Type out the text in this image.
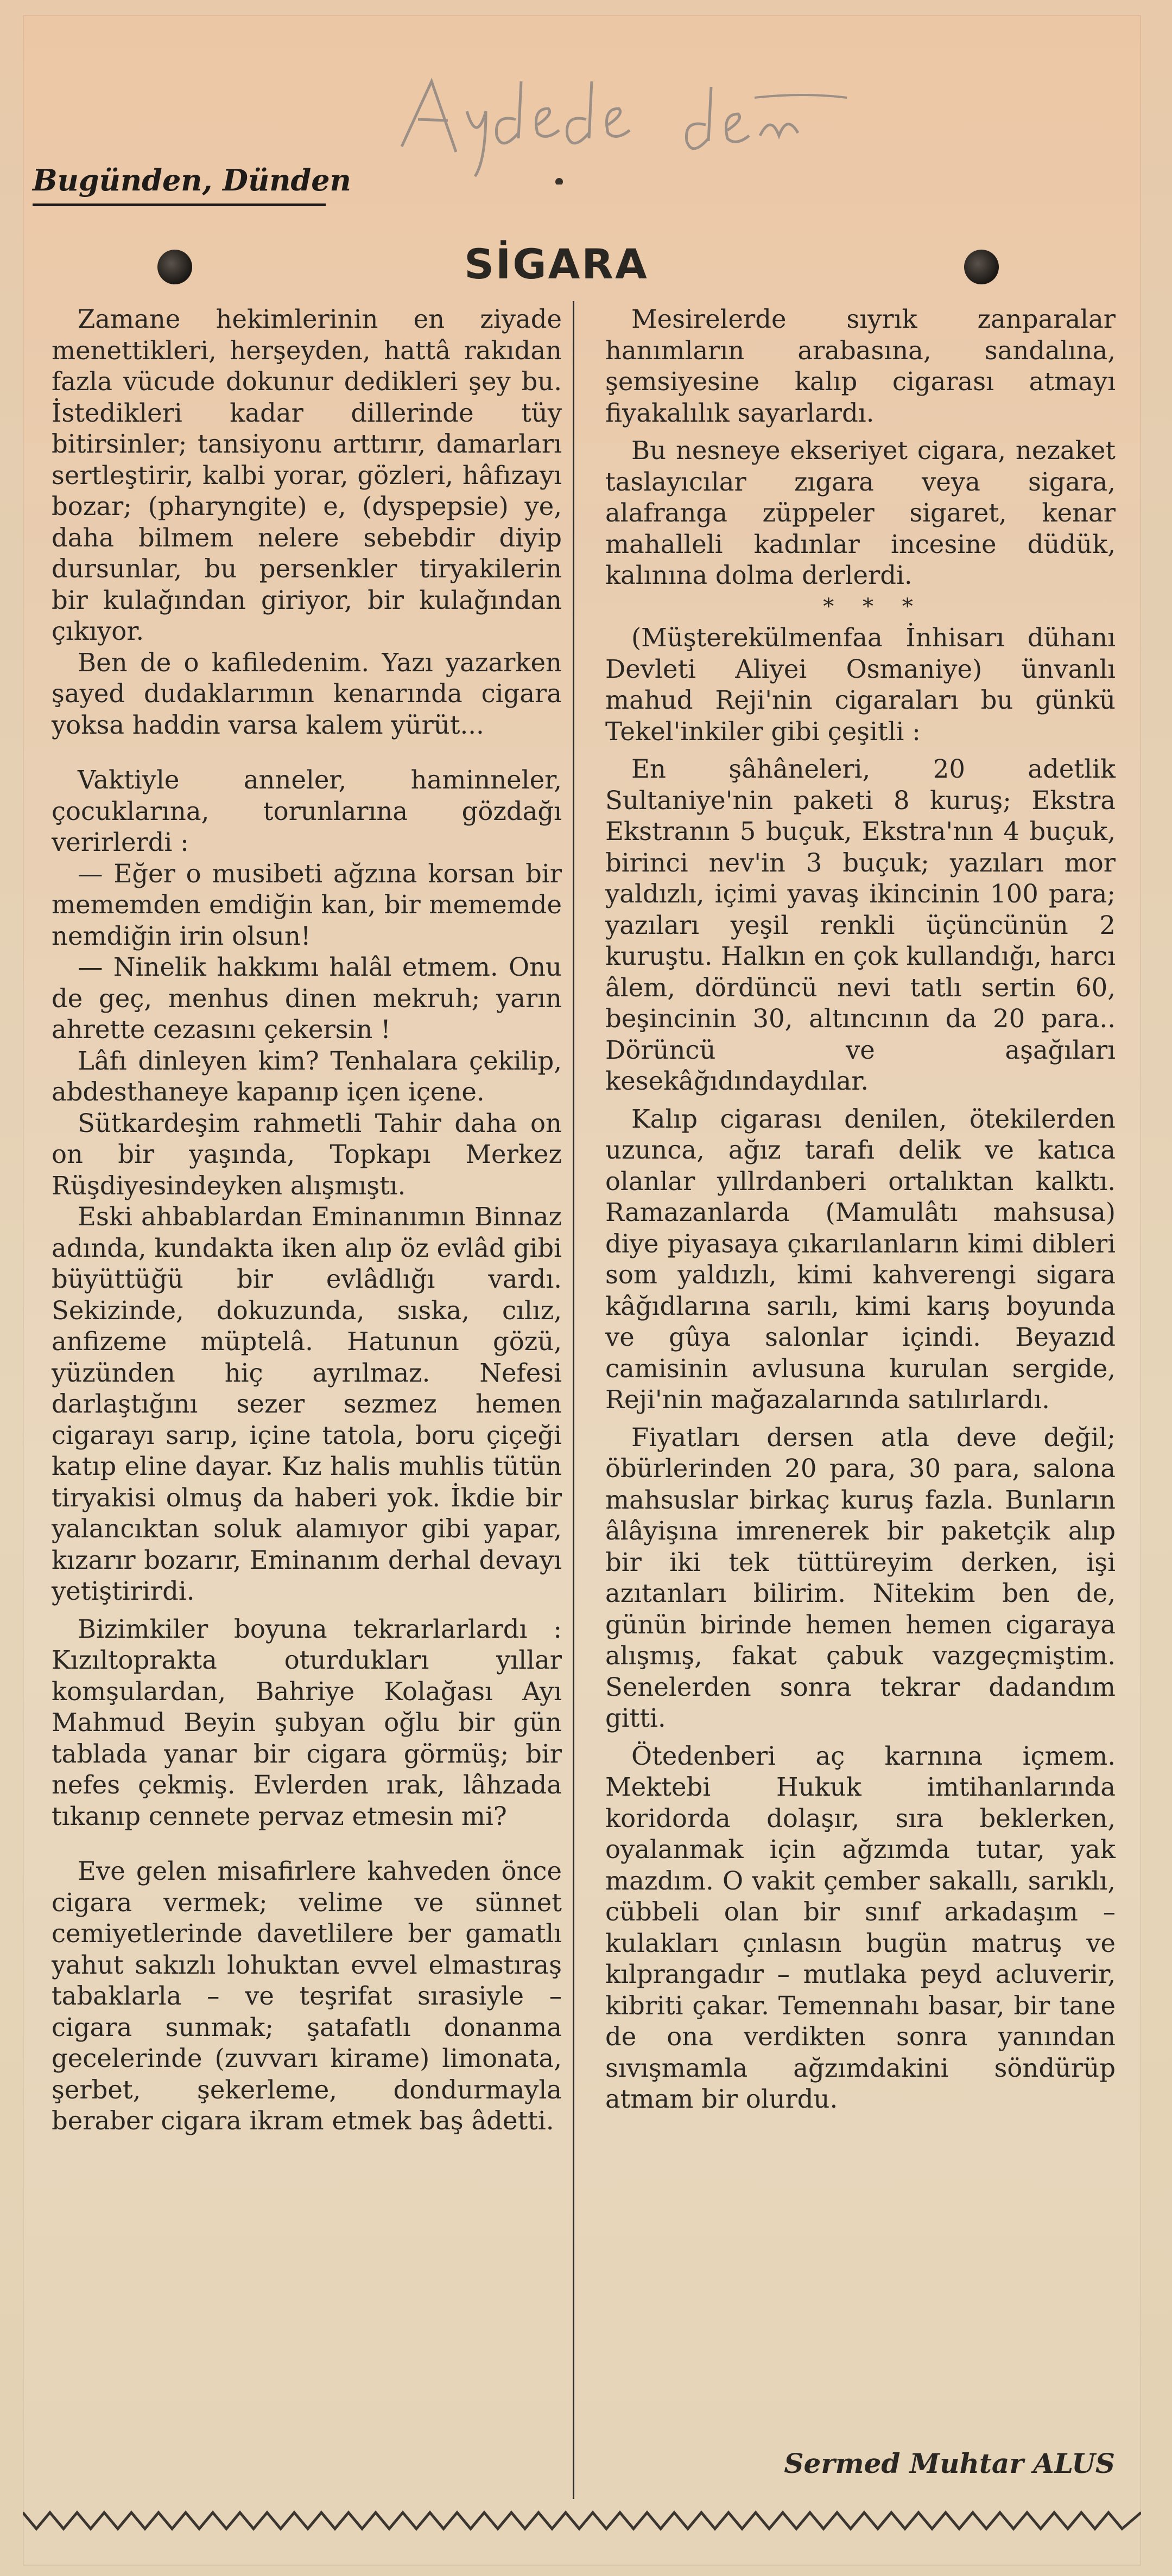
Bugünden, Dünden
SİGARA

Zamane hekimlerinin en ziyade menettikleri, herşeyden, hattâ rakıdan fazla vücude dokunur dedikleri şey bu. İstedikleri kadar dillerinde tüy bitirsinler; tansiyonu arttırır, damarları sertleştirir, kalbi yorar, gözleri, hâfızayı bozar; (pharyngite) e, (dyspepsie) ye, daha bilmem nelere sebebdir diyip dursunlar, bu persenkler tiryakilerin bir kulağından giriyor, bir kulağından çıkıyor.

Ben de o kafiledenim. Yazı yazarken şayed dudaklarımın kenarında cigara yoksa haddin varsa kalem yürüt...

Vaktiyle anneler, haminneler, çocuklarına, torunlarına gözdağı verirlerdi :

— Eğer o musibeti ağzına korsan bir mememden emdiğin kan, bir mememde nemdiğin irin olsun!

— Ninelik hakkımı halâl etmem. Onu de geç, menhus dinen mekruh; yarın ahrette cezasını çekersin !

Lâfı dinleyen kim? Tenhalara çekilip, abdesthaneye kapanıp içen içene.

Sütkardeşim rahmetli Tahir daha on on bir yaşında, Topkapı Merkez Rüşdiyesindeyken alışmıştı.

Eski ahbablardan Eminanımın Binnaz adında, kundakta iken alıp öz evlâd gibi büyüttüğü bir evlâdlığı vardı. Sekizinde, dokuzunda, sıska, cılız, anfizeme müptelâ. Hatunun gözü, yüzünden hiç ayrılmaz. Nefesi darlaştığını sezer sezmez hemen cigarayı sarıp, içine tatola, boru çiçeği katıp eline dayar. Kız halis muhlis tütün tiryakisi olmuş da haberi yok. İkdie bir yalancıktan soluk alamıyor gibi yapar, kızarır bozarır, Eminanım derhal devayı yetiştirirdi.

Bizimkiler boyuna tekrarlarlardı : Kızıltoprakta oturdukları yıllar komşulardan, Bahriye Kolağası Ayı Mahmud Beyin şubyan oğlu bir gün tablada yanar bir cigara görmüş; bir nefes çekmiş. Evlerden ırak, lâhzada tıkanıp cennete pervaz etmesin mi?

Eve gelen misafirlere kahveden önce cigara vermek; velime ve sünnet cemiyetlerinde davetlilere ber gamatlı yahut sakızlı lohuktan evvel elmastıraş tabaklarla – ve teşrifat sırasiyle – cigara sunmak; şatafatlı donanma gecelerinde (zuvvarı kirame) limonata, şerbet, şekerleme, dondurmayla beraber cigara ikram etmek baş âdetti.

Mesirelerde sıyrık zanparalar hanımların arabasına, sandalına, şemsiyesine kalıp cigarası atmayı fiyakalılık sayarlardı.

Bu nesneye ekseriyet cigara, nezaket taslayıcılar zıgara veya sigara, alafranga züppeler sigaret, kenar mahalleli kadınlar incesine düdük, kalınına dolma derlerdi.

* * *

(Müşterekülmenfaa İnhisarı dühanı Devleti Aliyei Osmaniye) ünvanlı mahud Reji'nin cigaraları bu günkü Tekel'inkiler gibi çeşitli :

En şâhâneleri, 20 adetlik Sultaniye'nin paketi 8 kuruş; Ekstra Ekstranın 5 buçuk, Ekstra'nın 4 buçuk, birinci nev'in 3 buçuk; yazıları mor yaldızlı, içimi yavaş ikincinin 100 para; yazıları yeşil renkli üçüncünün 2 kuruştu. Halkın en çok kullandığı, harcı âlem, dördüncü nevi tatlı sertin 60, beşincinin 30, altıncının da 20 para.. Dörüncü ve aşağıları kesekâğıdındaydılar.

Kalıp cigarası denilen, ötekilerden uzunca, ağız tarafı delik ve katıca olanlar yıllrdanberi ortalıktan kalktı. Ramazanlarda (Mamulâtı mahsusa) diye piyasaya çıkarılanların kimi dibleri som yaldızlı, kimi kahverengi sigara kâğıdlarına sarılı, kimi karış boyunda ve gûya salonlar içindi. Beyazıd camisinin avlusuna kurulan sergide, Reji'nin mağazalarında satılırlardı.

Fiyatları dersen atla deve değil; öbürlerinden 20 para, 30 para, salona mahsuslar birkaç kuruş fazla. Bunların âlâyişına imrenerek bir paketçik alıp bir iki tek tüttüreyim derken, işi azıtanları bilirim. Nitekim ben de, günün birinde hemen hemen cigaraya alışmış, fakat çabuk vazgeçmiştim. Senelerden sonra tekrar dadandım gitti.

Ötedenberi aç karnına içmem. Mektebi Hukuk imtihanlarında koridorda dolaşır, sıra beklerken, oyalanmak için ağzımda tutar, yak mazdım. O vakit çember sakallı, sarıklı, cübbeli olan bir sınıf arkadaşım – kulakları çınlasın bugün matruş ve kılprangadır – mutlaka peyd acluverir, kibriti çakar. Temennahı basar, bir tane de ona verdikten sonra yanından sıvışmamla ağzımdakini söndürüp atmam bir olurdu.

Sermed Muhtar ALUS
